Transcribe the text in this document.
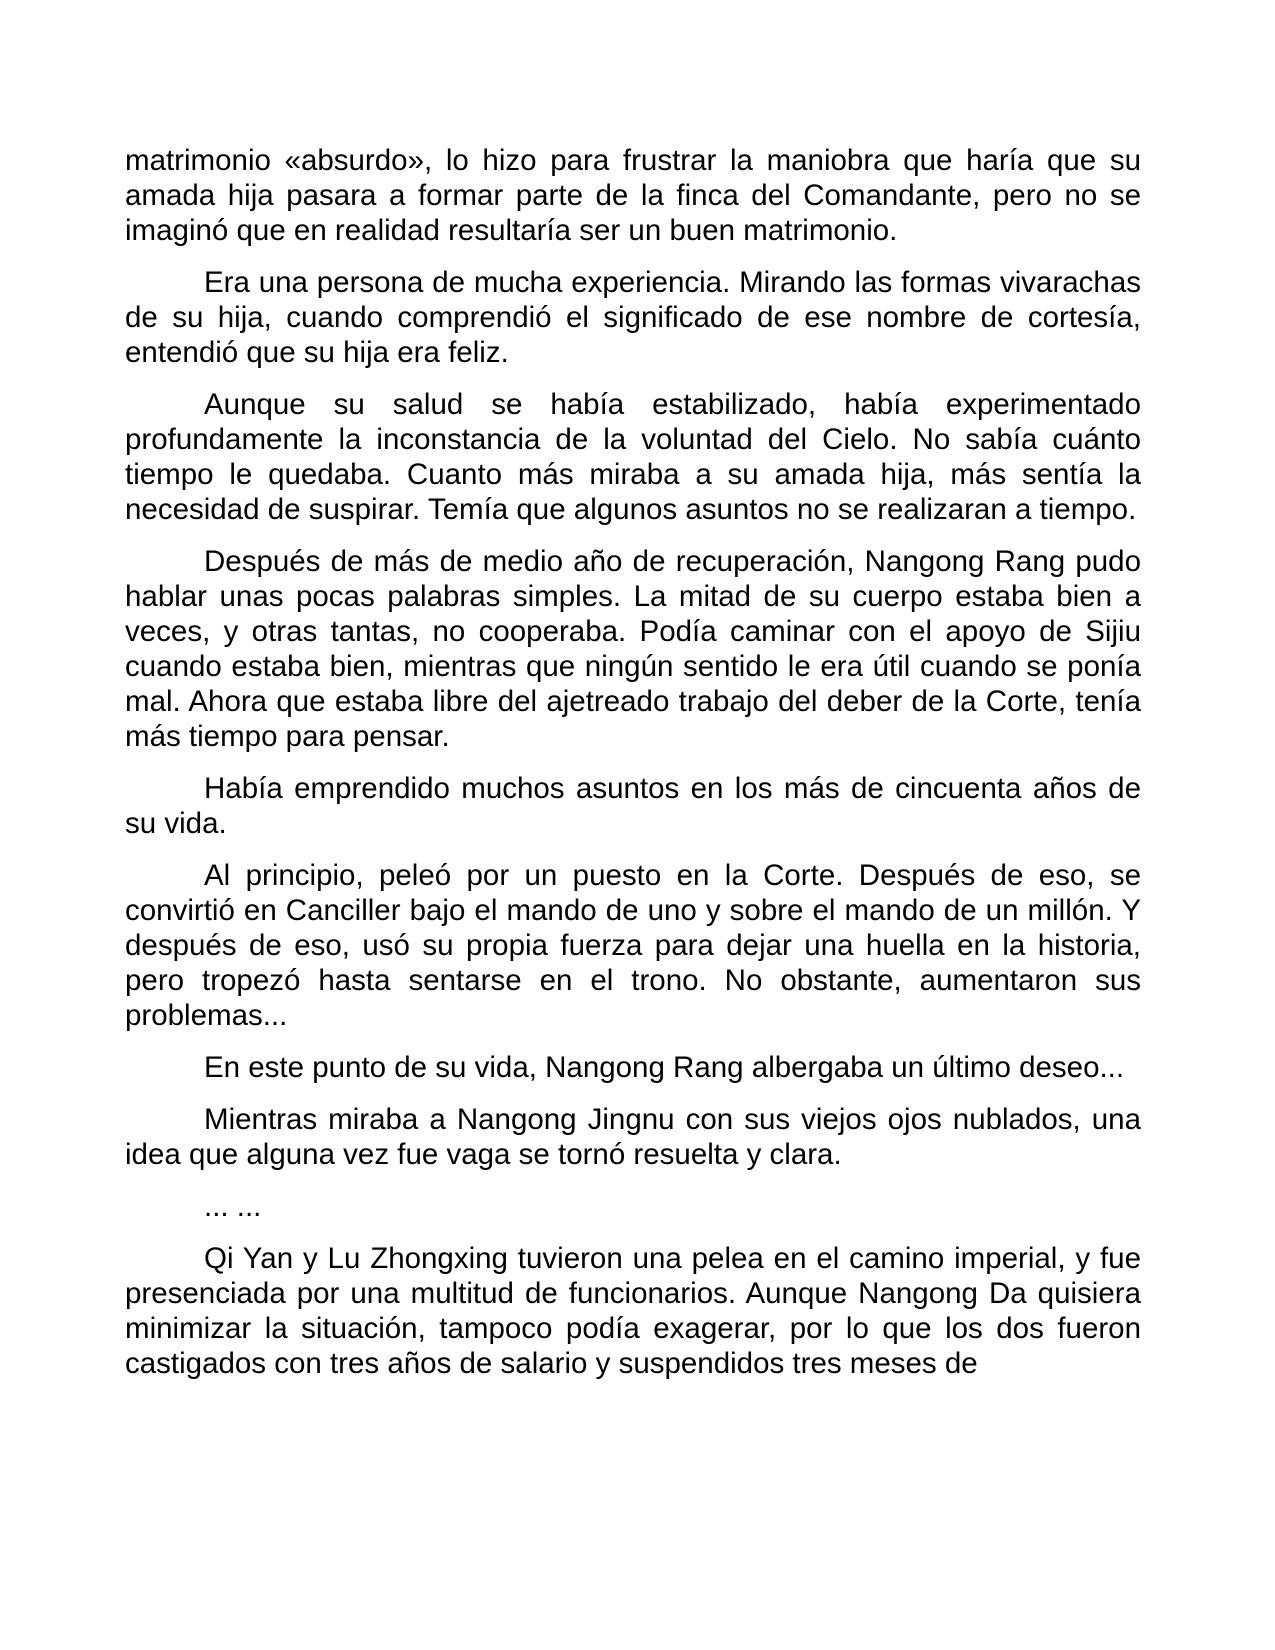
matrimonio «absurdo», lo hizo para frustrar la maniobra que haría que su amada hija pasara a formar parte de la finca del Comandante, pero no se imaginó que en realidad resultaría ser un buen matrimonio.

Era una persona de mucha experiencia. Mirando las formas vivarachas de su hija, cuando comprendió el significado de ese nombre de cortesía, entendió que su hija era feliz.

Aunque su salud se había estabilizado, había experimentado profundamente la inconstancia de la voluntad del Cielo. No sabía cuánto tiempo le quedaba. Cuanto más miraba a su amada hija, más sentía la necesidad de suspirar. Temía que algunos asuntos no se realizaran a tiempo.

Después de más de medio año de recuperación, Nangong Rang pudo hablar unas pocas palabras simples. La mitad de su cuerpo estaba bien a veces, y otras tantas, no cooperaba. Podía caminar con el apoyo de Sijiu cuando estaba bien, mientras que ningún sentido le era útil cuando se ponía mal. Ahora que estaba libre del ajetreado trabajo del deber de la Corte, tenía más tiempo para pensar.

Había emprendido muchos asuntos en los más de cincuenta años de su vida.

Al principio, peleó por un puesto en la Corte. Después de eso, se convirtió en Canciller bajo el mando de uno y sobre el mando de un millón. Y después de eso, usó su propia fuerza para dejar una huella en la historia, pero tropezó hasta sentarse en el trono. No obstante, aumentaron sus problemas...

En este punto de su vida, Nangong Rang albergaba un último deseo...

Mientras miraba a Nangong Jingnu con sus viejos ojos nublados, una idea que alguna vez fue vaga se tornó resuelta y clara.

... ...

Qi Yan y Lu Zhongxing tuvieron una pelea en el camino imperial, y fue presenciada por una multitud de funcionarios. Aunque Nangong Da quisiera minimizar la situación, tampoco podía exagerar, por lo que los dos fueron castigados con tres años de salario y suspendidos tres meses de
